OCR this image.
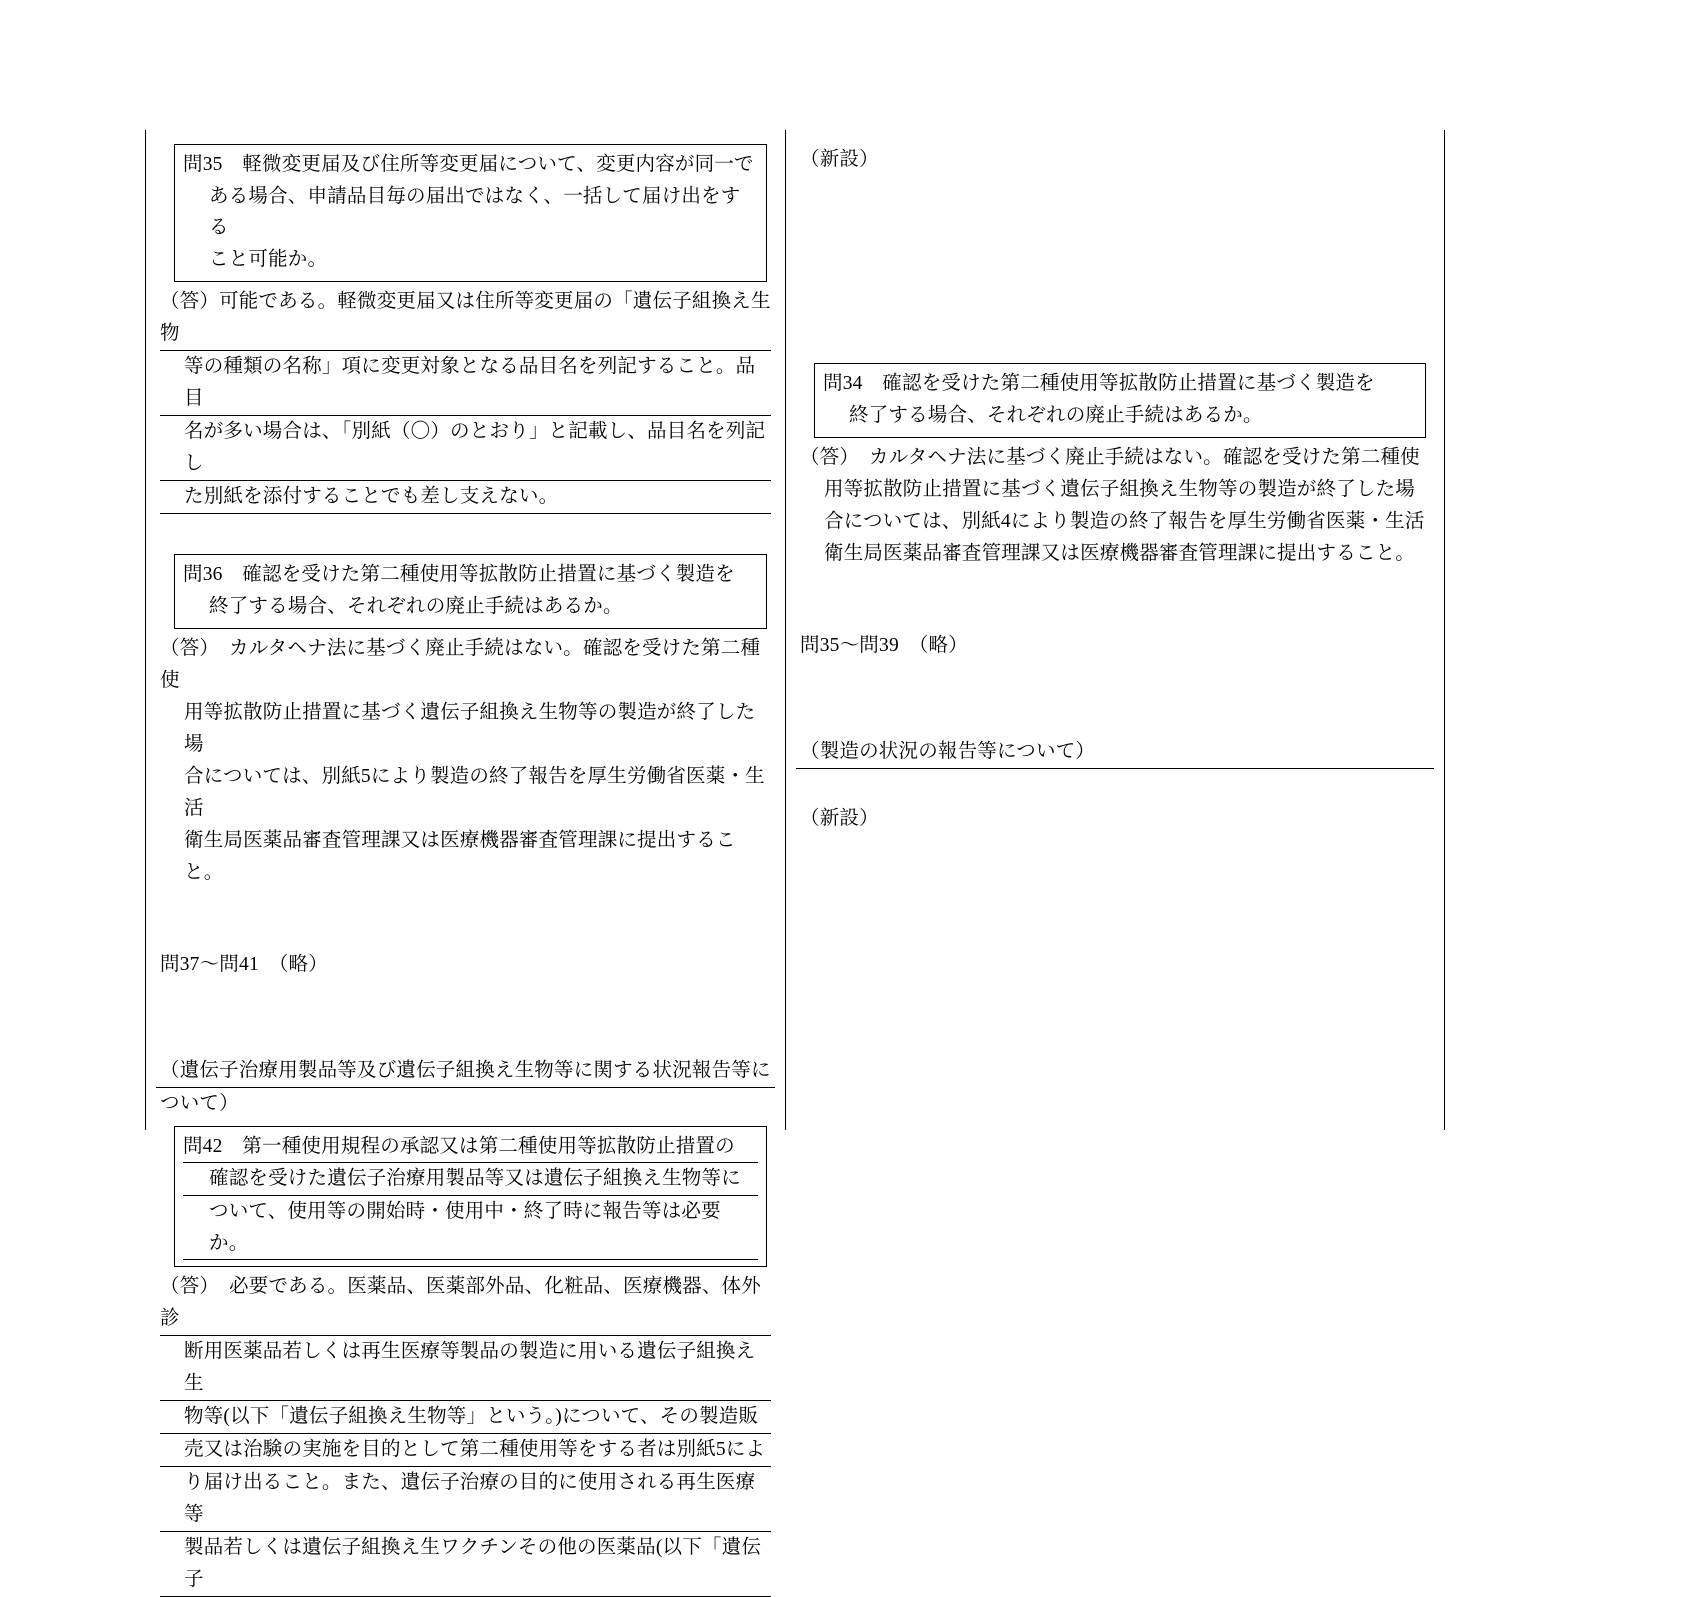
問35　軽微変更届及び住所等変更届について、変更内容が同一で

ある場合、申請品目毎の届出ではなく、一括して届け出をする

こと可能か。

（答）可能である。軽微変更届又は住所等変更届の「遺伝子組換え生物

等の種類の名称」項に変更対象となる品目名を列記すること。品目

名が多い場合は、「別紙（〇）のとおり」と記載し、品目名を列記し

た別紙を添付することでも差し支えない。

問36　確認を受けた第二種使用等拡散防止措置に基づく製造を

終了する場合、それぞれの廃止手続はあるか。

（答）　カルタヘナ法に基づく廃止手続はない。確認を受けた第二種使

用等拡散防止措置に基づく遺伝子組換え生物等の製造が終了した場

合については、別紙5により製造の終了報告を厚生労働省医薬・生活

衛生局医薬品審査管理課又は医療機器審査管理課に提出すること。

問37〜問41　（略）

（遺伝子治療用製品等及び遺伝子組換え生物等に関する状況報告等に

ついて）

問42　第一種使用規程の承認又は第二種使用等拡散防止措置の

確認を受けた遺伝子治療用製品等又は遺伝子組換え生物等に

ついて、使用等の開始時・使用中・終了時に報告等は必要か。

（答）　必要である。医薬品、医薬部外品、化粧品、医療機器、体外診

断用医薬品若しくは再生医療等製品の製造に用いる遺伝子組換え生

物等(以下「遺伝子組換え生物等」という。)について、その製造販

売又は治験の実施を目的として第二種使用等をする者は別紙5によ

り届け出ること。また、遺伝子治療の目的に使用される再生医療等

製品若しくは遺伝子組換え生ワクチンその他の医薬品(以下「遺伝子

（新設）

問34　確認を受けた第二種使用等拡散防止措置に基づく製造を

終了する場合、それぞれの廃止手続はあるか。

（答）　カルタヘナ法に基づく廃止手続はない。確認を受けた第二種使

用等拡散防止措置に基づく遺伝子組換え生物等の製造が終了した場

合については、別紙4により製造の終了報告を厚生労働省医薬・生活

衛生局医薬品審査管理課又は医療機器審査管理課に提出すること。

問35〜問39　（略）

（製造の状況の報告等について）

（新設）
